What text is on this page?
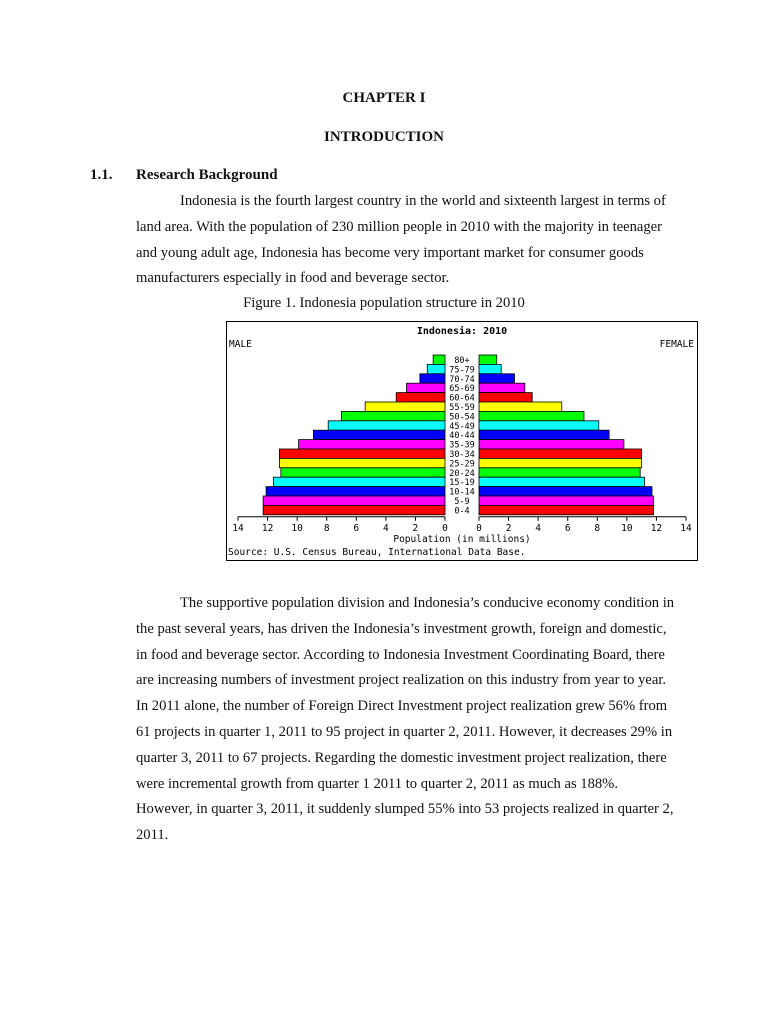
CHAPTER I
INTRODUCTION
1.1. Research Background
Indonesia is the fourth largest country in the world and sixteenth largest in terms of land area. With the population of 230 million people in 2010 with the majority in teenager and young adult age, Indonesia has become very important market for consumer goods manufacturers especially in food and beverage sector.
Figure 1. Indonesia population structure in 2010
Indonesia: 2010
MALE	FEMALE
80+
75-79
70-74
65-69
60-64
55-59
50-54
45-49
40-44
35-39
30-34
25-29
20-24
15-19
10-14
5-9
0-4
14 12 10 8	6	4	2	0	0	2	4	6	8 10 12 14
Population (in millions)
Source: U.S. Census Bureau, International Data Base.
The supportive population division and Indonesia’s conducive economy condition in the past several years, has driven the Indonesia’s investment growth, foreign and domestic, in food and beverage sector. According to Indonesia Investment Coordinating Board, there are increasing numbers of investment project realization on this industry from year to year. In 2011 alone, the number of Foreign Direct Investment project realization grew 56% from 61 projects in quarter 1, 2011 to 95 project in quarter 2, 2011. However, it decreases 29% in quarter 3, 2011 to 67 projects. Regarding the domestic investment project realization, there were incremental growth from quarter 1 2011 to quarter 2, 2011 as much as 188%. However, in quarter 3, 2011, it suddenly slumped 55% into 53 projects realized in quarter 2, 2011.
